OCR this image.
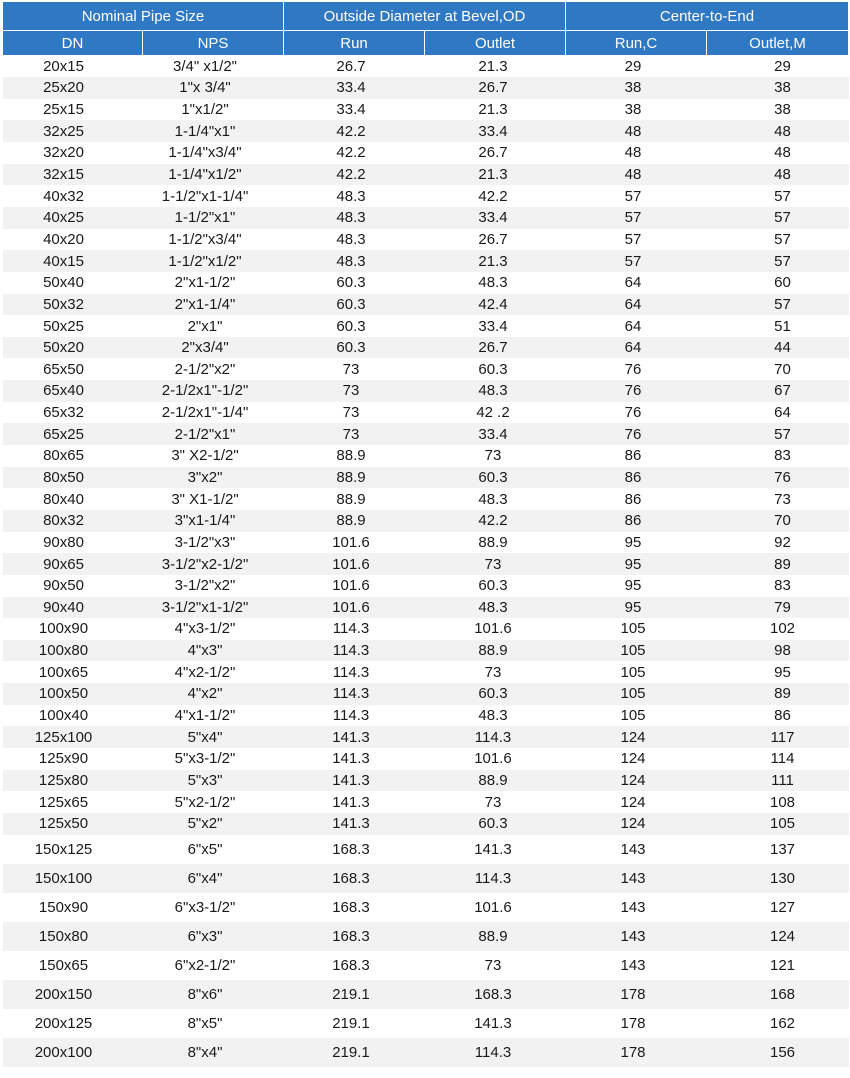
Nominal Pipe Size		Outside Diameter at Bevel,OD		Center-to-End	
DN	NPS	Run	Outlet	Run,C	Outlet,M
20x15	3/4" x1/2"	26.7	21.3	29	29
25x20	1"x 3/4"	33.4	26.7	38	38
25x15	1"x1/2"	33.4	21.3	38	38
32x25	1-1/4"x1"	42.2	33.4	48	48
32x20	1-1/4"x3/4"	42.2	26.7	48	48
32x15	1-1/4"x1/2"	42.2	21.3	48	48
40x32	1-1/2"x1-1/4"	48.3	42.2	57	57
40x25	1-1/2"x1"	48.3	33.4	57	57
40x20	1-1/2"x3/4"	48.3	26.7	57	57
40x15	1-1/2"x1/2"	48.3	21.3	57	57
50x40	2"x1-1/2"	60.3	48.3	64	60
50x32	2"x1-1/4"	60.3	42.4	64	57
50x25	2"x1"	60.3	33.4	64	51
50x20	2"x3/4"	60.3	26.7	64	44
65x50	2-1/2"x2"	73	60.3	76	70
65x40	2-1/2x1"-1/2"	73	48.3	76	67
65x32	2-1/2x1"-1/4"	73	42 .2	76	64
65x25	2-1/2"x1"	73	33.4	76	57
80x65	3" X2-1/2"	88.9	73	86	83
80x50	3"x2"	88.9	60.3	86	76
80x40	3" X1-1/2"	88.9	48.3	86	73
80x32	3"x1-1/4"	88.9	42.2	86	70
90x80	3-1/2"x3"	101.6	88.9	95	92
90x65	3-1/2"x2-1/2"	101.6	73	95	89
90x50	3-1/2"x2"	101.6	60.3	95	83
90x40	3-1/2"x1-1/2"	101.6	48.3	95	79
100x90	4"x3-1/2"	114.3	101.6	105	102
100x80	4"x3"	114.3	88.9	105	98
100x65	4"x2-1/2"	114.3	73	105	95
100x50	4"x2"	114.3	60.3	105	89
100x40	4"x1-1/2"	114.3	48.3	105	86
125x100	5"x4"	141.3	114.3	124	117
125x90	5"x3-1/2"	141.3	101.6	124	114
125x80	5"x3"	141.3	88.9	124	111
125x65	5"x2-1/2"	141.3	73	124	108
125x50	5"x2"	141.3	60.3	124	105
150x125	6"x5"	168.3	141.3	143	137
150x100	6"x4"	168.3	114.3	143	130
150x90	6"x3-1/2"	168.3	101.6	143	127
150x80	6"x3"	168.3	88.9	143	124
150x65	6"x2-1/2"	168.3	73	143	121
200x150	8"x6"	219.1	168.3	178	168
200x125	8"x5"	219.1	141.3	178	162
200x100	8"x4"	219.1	114.3	178	156
